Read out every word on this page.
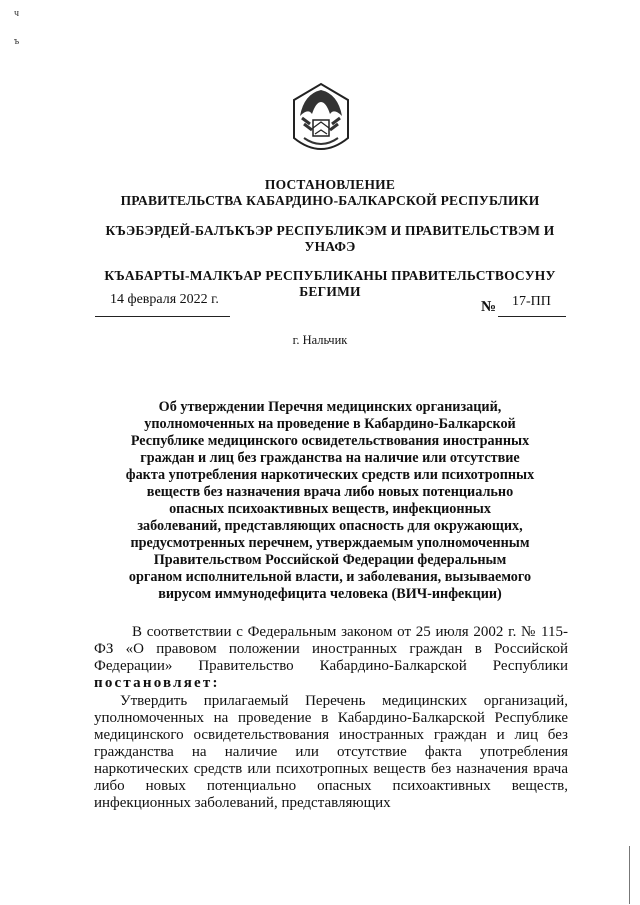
ч
ъ
ПОСТАНОВЛЕНИЕ
ПРАВИТЕЛЬСТВА КАБАРДИНО-БАЛКАРСКОЙ РЕСПУБЛИКИ
КЪЭБЭРДЕЙ-БАЛЪКЪЭР РЕСПУБЛИКЭМ И ПРАВИТЕЛЬСТВЭМ И
УНАФЭ
КЪАБАРТЫ-МАЛКЪАР РЕСПУБЛИКАНЫ ПРАВИТЕЛЬСТВОСУНУ
БЕГИМИ
14 февраля 2022 г.	№ 17-ПП
г. Нальчик
Об утверждении Перечня медицинских организаций,
уполномоченных на проведение в Кабардино-Балкарской
Республике медицинского освидетельствования иностранных
граждан и лиц без гражданства на наличие или отсутствие
факта употребления наркотических средств или психотропных
веществ без назначения врача либо новых потенциально
опасных психоактивных веществ, инфекционных
заболеваний, представляющих опасность для окружающих,
предусмотренных перечнем, утверждаемым уполномоченным
Правительством Российской Федерации федеральным
органом исполнительной власти, и заболевания, вызываемого
вирусом иммунодефицита человека (ВИЧ-инфекции)
В соответствии с Федеральным законом от 25 июля 2002 г. № 115-ФЗ «О правовом положении иностранных граждан в Российской Федерации» Правительство Кабардино-Балкарской Республики постановляет:
Утвердить прилагаемый Перечень медицинских организаций, уполномоченных на проведение в Кабардино-Балкарской Республике медицинского освидетельствования иностранных граждан и лиц без гражданства на наличие или отсутствие факта употребления наркотических средств или психотропных веществ без назначения врача либо новых потенциально опасных психоактивных веществ, инфекционных заболеваний, представляющих
